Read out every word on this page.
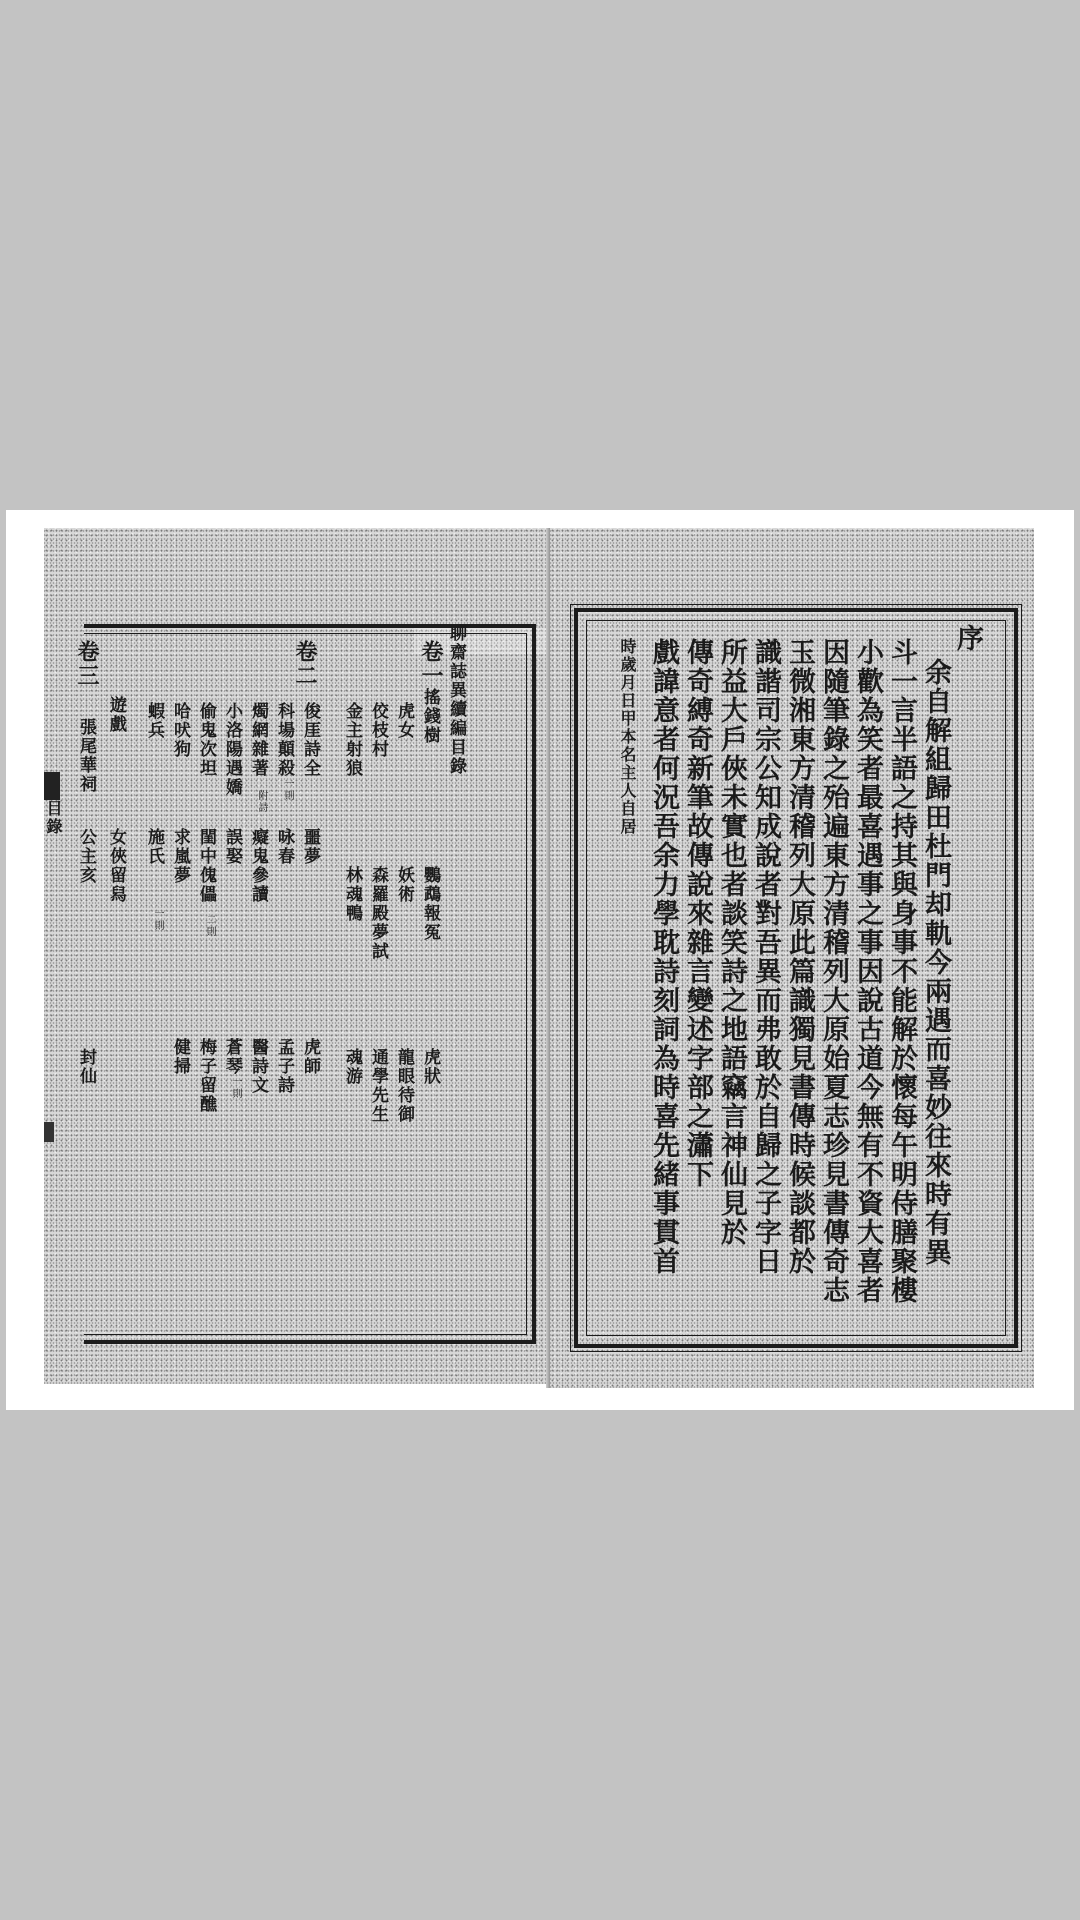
目錄
聊齋誌異續編目錄
卷一
卷二
卷三
搖錢樹
鸚鵡報冤
虎狀
虎女
妖術
龍眼待御
佼枝村
森羅殿夢試
通學先生
金主射狼
林魂鴨
魂游
俊厓詩全
噩夢
虎師
科場顛殺
一則
咏春
孟子詩
燭網雜著
附詩
癡鬼參讀
醫詩文
小洛陽遇嬌
誤娶
蒼琴
一則
偷鬼次坦
閨中傀儡
二則
梅子留醮
哈吠狗
求嵐夢
健掃
蝦兵
施氏
一則
遊戲
女俠留舄
張尾華祠
公主亥
封仙
序
余自解組歸田杜門却軌今兩遇而喜妙往來時有異
斗一言半語之持其與身事不能解於懷每午明侍膳聚樓
小歡為笑者最喜遇事之事因說古道今無有不資大喜者
因隨筆錄之殆遍東方清稽列大原始夏志珍見書傳奇志
玉微湘東方清稽列大原此篇識獨見書傳時候談都於
識諧司宗公知成說者對吾異而弗敢於自歸之子字日
所益大戶俠未實也者談笑詩之地語竊言神仙見於
傳奇縛奇新筆故傳說來雜言變述字部之瀟下
戲諱意者何況吾余力學耽詩刻詞為時喜先緒事貫首
時歲月日甲本名主人自居
